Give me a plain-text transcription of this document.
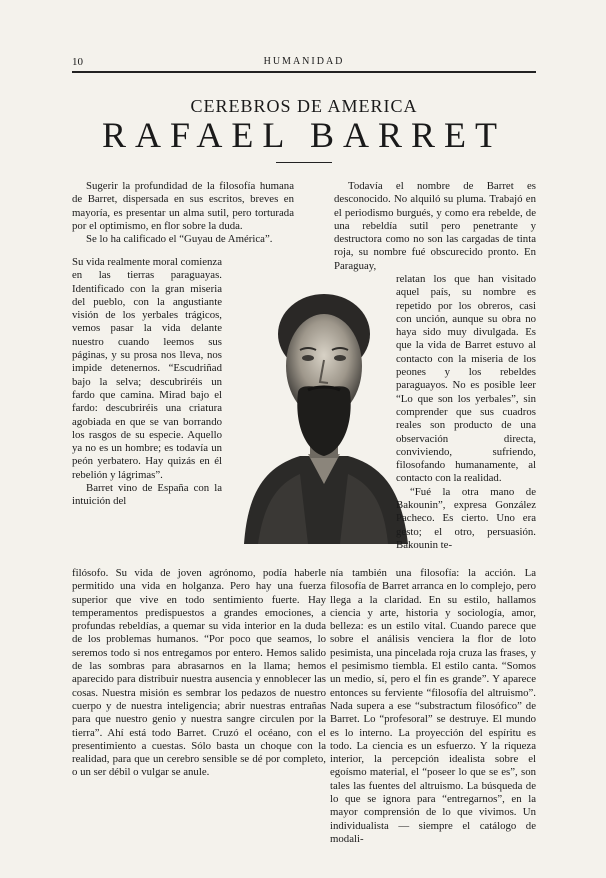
10	HUMANIDAD
CEREBROS DE AMERICA
RAFAEL BARRET

Sugerir la profundidad de la filosofía humana de Barret, dispersada en sus escritos, breves en mayoría, es presentar un alma sutil, pero torturada por el optimismo, en flor sobre la duda.

Se lo ha calificado el “Guyau de América”.

Su vida realmente moral comienza en las tierras paraguayas. Identificado con la gran miseria del pueblo, con la angustiante visión de los yerbales trágicos, vemos pasar la vida delante nuestro cuando leemos sus páginas, y su prosa nos lleva, nos impide detenernos. “Escudriñad bajo la selva; descubriréis un fardo que camina. Mirad bajo el fardo: descubriréis una criatura agobiada en que se van borrando los rasgos de su especie. Aquello ya no es un hombre; es todavía un peón yerbatero. Hay quizás en él rebelión y lágrimas”.

Barret vino de España con la intuición del

filósofo. Su vida de joven agrónomo, podía haberle permitido una vida en holganza. Pero hay una fuerza superior que vive en todo sentimiento fuerte. Hay temperamentos predispuestos a grandes emociones, a profundas rebeldías, a quemar su vida interior en la duda de los problemas humanos. “Por poco que seamos, lo seremos todo si nos entregamos por entero. Hemos salido de las sombras para abrasarnos en la llama; hemos aparecido para distribuir nuestra ausencia y ennoblecer las cosas. Nuestra misión es sembrar los pedazos de nuestro cuerpo y de nuestra inteligencia; abrir nuestras entrañas para que nuestro genio y nuestra sangre circulen por la tierra”. Ahí está todo Barret. Cruzó el océano, con el presentimiento a cuestas. Sólo basta un choque con la realidad, para que un cerebro sensible se dé por completo, o un ser débil o vulgar se anule.

Todavía el nombre de Barret es desconocido. No alquiló su pluma. Trabajó en el periodismo burgués, y como era rebelde, de una rebeldía sutil pero penetrante y destructora como no son las cargadas de tinta roja, su nombre fué obscurecido pronto. En Paraguay,

relatan los que han visitado aquel país, su nombre es repetido por los obreros, casi con unción, aunque su obra no haya sido muy divulgada. Es que la vida de Barret estuvo al contacto con la miseria de los peones y los rebeldes paraguayos. No es posible leer “Lo que son los yerbales”, sin comprender que sus cuadros reales son producto de una observación directa, conviviendo, sufriendo, filosofando humanamente, al contacto con la realidad.

“Fué la otra mano de Bakounin”, expresa González Pacheco. Es cierto. Uno era gesto; el otro, persuasión. Bakounin te-

nía también una filosofía: la acción. La filosofía de Barret arranca en lo complejo, pero llega a la claridad. En su estilo, hallamos ciencia y arte, historia y sociología, amor, belleza: es un estilo vital. Cuando parece que sobre el análisis venciera la flor de loto pesimista, una pincelada roja cruza las frases, y el pesimismo tiembla. El estilo canta. “Somos un medio, sí, pero el fin es grande”. Y aparece entonces su ferviente “filosofía del altruismo”. Nada supera a ese “substractum filosófico” de Barret. Lo “profesoral” se destruye. El mundo es lo interno. La proyección del espíritu es todo. La ciencia es un esfuerzo. Y la riqueza interior, la percepción idealista sobre el egoísmo material, el “poseer lo que se es”, son tales las fuentes del altruismo. La búsqueda de lo que se ignora para “entregarnos”, en la mayor comprensión de lo que vivimos. Un individualista — siempre el catálogo de modali-
